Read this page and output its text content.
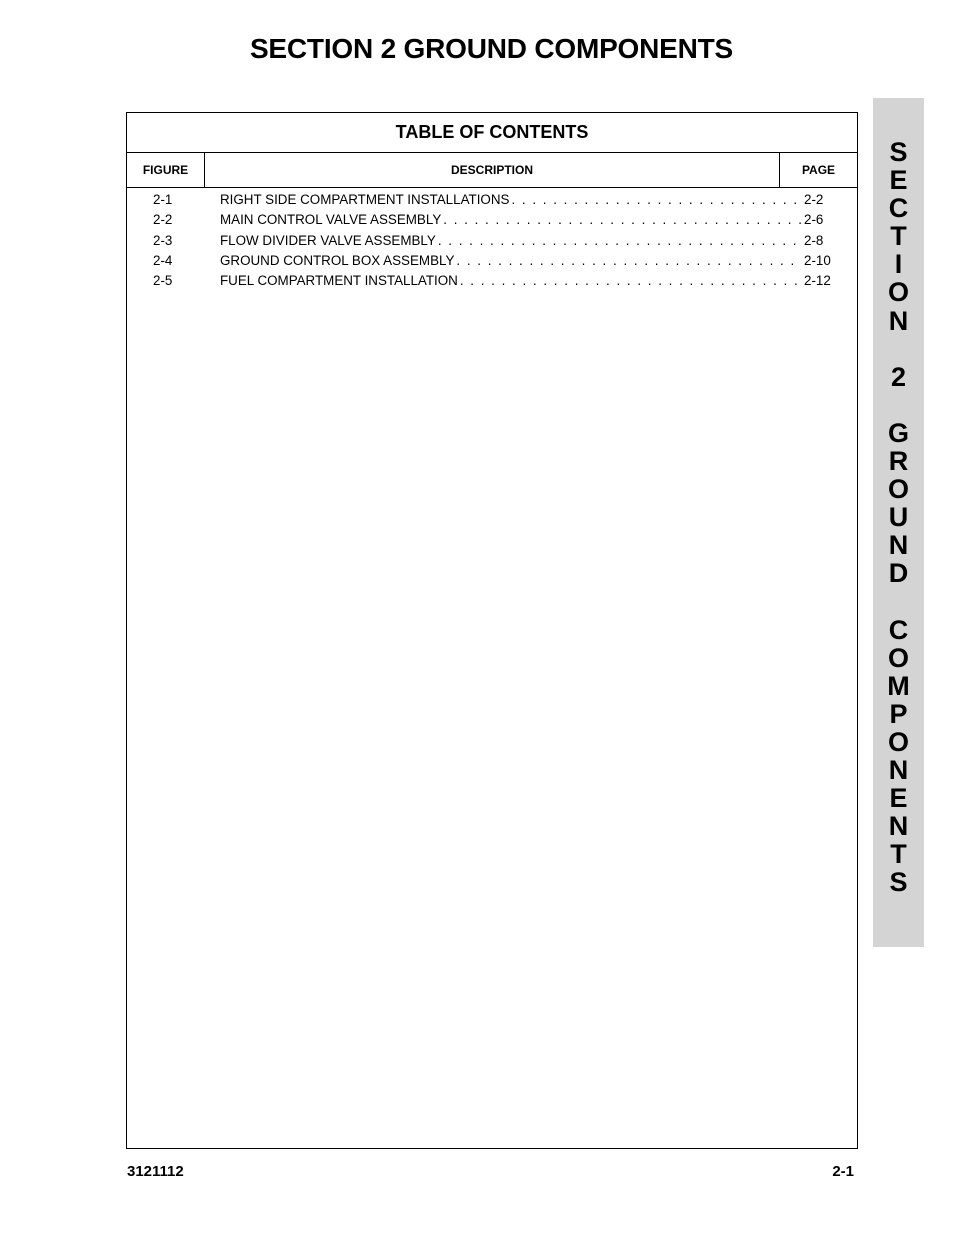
SECTION 2 GROUND COMPONENTS
TABLE OF CONTENTS
FIGURE	DESCRIPTION	PAGE
2-1	RIGHT SIDE COMPARTMENT INSTALLATIONS . . .	2-2
2-2	MAIN CONTROL VALVE ASSEMBLY . . .	2-6
2-3	FLOW DIVIDER VALVE ASSEMBLY . . .	2-8
2-4	GROUND CONTROL BOX ASSEMBLY . . .	2-10
2-5	FUEL COMPARTMENT INSTALLATION . . .	2-12
S
E
C
T
I
O
N

2

G
R
O
U
N
D

C
O
M
P
O
N
E
N
T
S
3121112	2-1
